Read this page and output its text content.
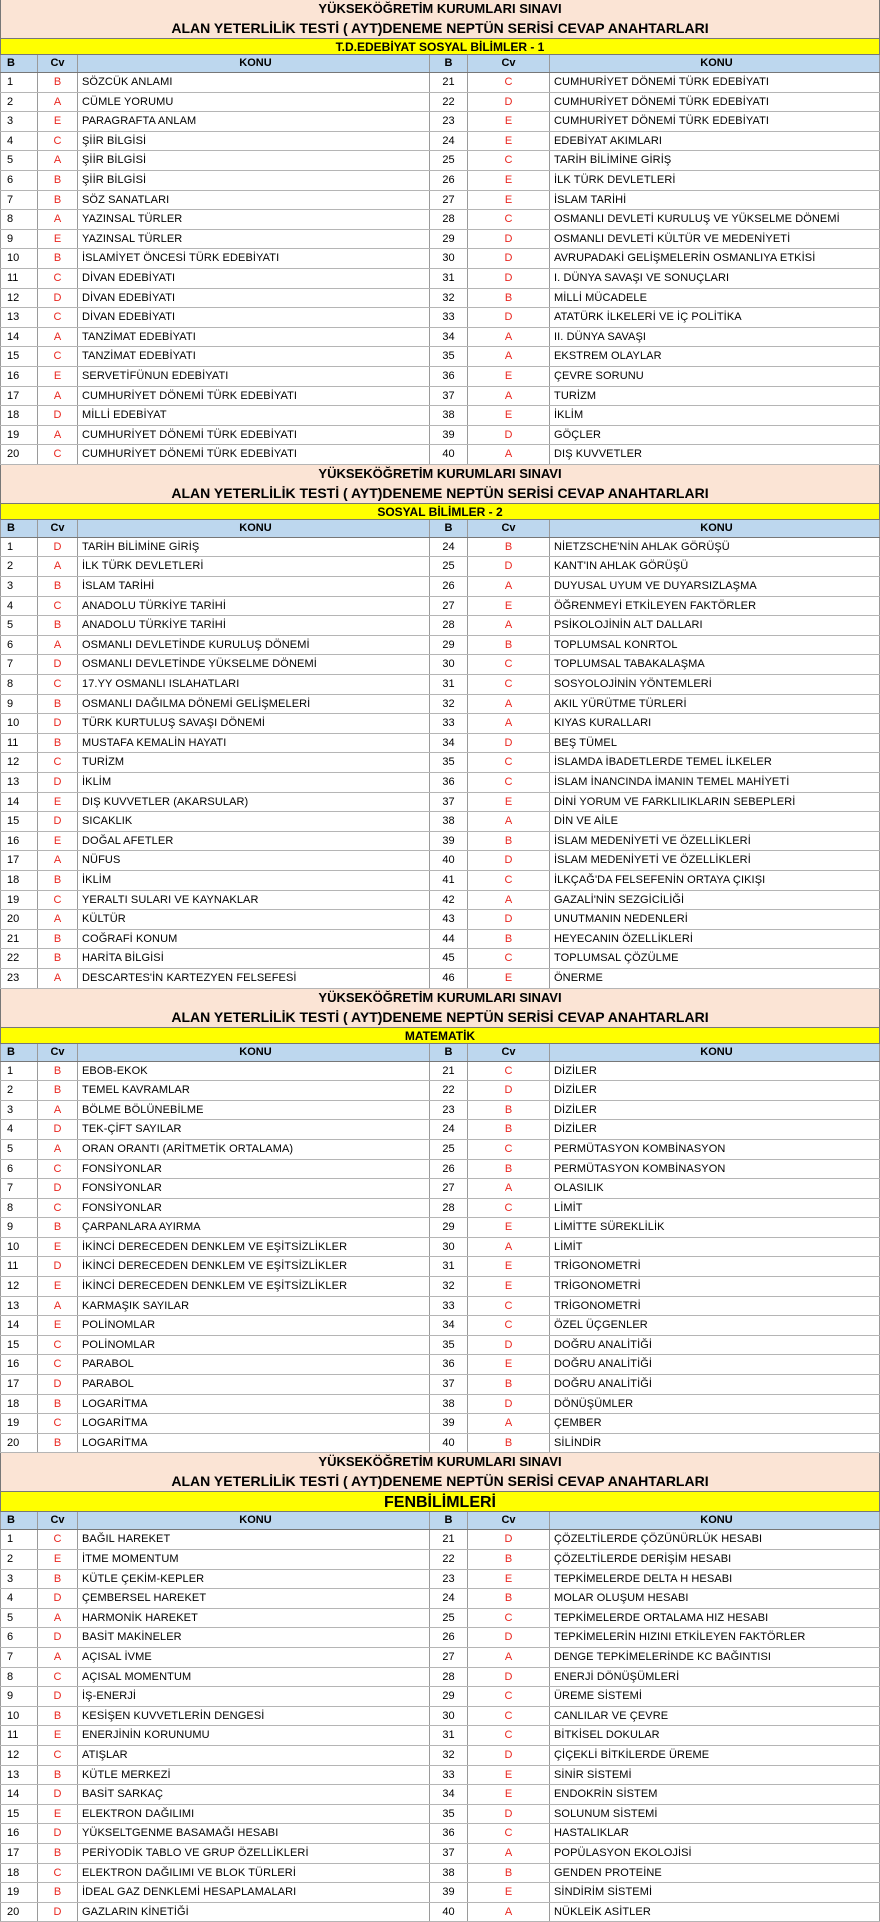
YÜKSEKÖĞRETİM KURUMLARI SINAVI
ALAN YETERLİLİK TESTİ ( AYT)DENEME NEPTÜN SERİSİ CEVAP ANAHTARLARI
T.D.EDEBİYAT SOSYAL BİLİMLER - 1
B	Cv	KONU	B	Cv	KONU
1	B	SÖZCÜK ANLAMI	21	C	CUMHURİYET DÖNEMİ TÜRK EDEBİYATI
2	A	CÜMLE YORUMU	22	D	CUMHURİYET DÖNEMİ TÜRK EDEBİYATI
3	E	PARAGRAFTA ANLAM	23	E	CUMHURİYET DÖNEMİ TÜRK EDEBİYATI
4	C	ŞİİR BİLGİSİ	24	E	EDEBİYAT AKIMLARI
5	A	ŞİİR BİLGİSİ	25	C	TARİH BİLİMİNE GİRİŞ
6	B	ŞİİR BİLGİSİ	26	E	İLK TÜRK DEVLETLERİ
7	B	SÖZ SANATLARI	27	E	İSLAM TARİHİ
8	A	YAZINSAL TÜRLER	28	C	OSMANLI DEVLETİ KURULUŞ VE YÜKSELME DÖNEMİ
9	E	YAZINSAL TÜRLER	29	D	OSMANLI DEVLETİ KÜLTÜR VE MEDENİYETİ
10	B	İSLAMİYET ÖNCESİ TÜRK EDEBİYATI	30	D	AVRUPADAKİ GELİŞMELERİN OSMANLIYA ETKİSİ
11	C	DİVAN EDEBİYATI	31	D	I. DÜNYA SAVAŞI VE SONUÇLARI
12	D	DİVAN EDEBİYATI	32	B	MİLLİ MÜCADELE
13	C	DİVAN EDEBİYATI	33	D	ATATÜRK İLKELERİ VE İÇ POLİTİKA
14	A	TANZİMAT EDEBİYATI	34	A	II. DÜNYA SAVAŞI
15	C	TANZİMAT EDEBİYATI	35	A	EKSTREM OLAYLAR
16	E	SERVETİFÜNUN EDEBİYATI	36	E	ÇEVRE SORUNU
17	A	CUMHURİYET DÖNEMİ TÜRK EDEBİYATI	37	A	TURİZM
18	D	MİLLİ EDEBİYAT	38	E	İKLİM
19	A	CUMHURİYET DÖNEMİ TÜRK EDEBİYATI	39	D	GÖÇLER
20	C	CUMHURİYET DÖNEMİ TÜRK EDEBİYATI	40	A	DIŞ KUVVETLER
YÜKSEKÖĞRETİM KURUMLARI SINAVI
ALAN YETERLİLİK TESTİ ( AYT)DENEME NEPTÜN SERİSİ CEVAP ANAHTARLARI
SOSYAL BİLİMLER - 2
B	Cv	KONU	B	Cv	KONU
1	D	TARİH BİLİMİNE GİRİŞ	24	B	NİETZSCHE'NİN AHLAK GÖRÜŞÜ
2	A	İLK TÜRK DEVLETLERİ	25	D	KANT'IN AHLAK GÖRÜŞÜ
3	B	İSLAM TARİHİ	26	A	DUYUSAL UYUM VE DUYARSIZLAŞMA
4	C	ANADOLU TÜRKİYE TARİHİ	27	E	ÖĞRENMEYİ ETKİLEYEN FAKTÖRLER
5	B	ANADOLU TÜRKİYE TARİHİ	28	A	PSİKOLOJİNİN ALT DALLARI
6	A	OSMANLI DEVLETİNDE KURULUŞ DÖNEMİ	29	B	TOPLUMSAL KONRTOL
7	D	OSMANLI DEVLETİNDE YÜKSELME DÖNEMİ	30	C	TOPLUMSAL TABAKALAŞMA
8	C	17.YY OSMANLI ISLAHATLARI	31	C	SOSYOLOJİNİN YÖNTEMLERİ
9	B	OSMANLI DAĞILMA DÖNEMİ GELİŞMELERİ	32	A	AKIL YÜRÜTME TÜRLERİ
10	D	TÜRK KURTULUŞ SAVAŞI DÖNEMİ	33	A	KIYAS KURALLARI
11	B	MUSTAFA KEMALİN HAYATI	34	D	BEŞ TÜMEL
12	C	TURİZM	35	C	İSLAMDA İBADETLERDE TEMEL İLKELER
13	D	İKLİM	36	C	İSLAM İNANCINDA İMANIN TEMEL MAHİYETİ
14	E	DIŞ KUVVETLER (AKARSULAR)	37	E	DİNİ YORUM VE FARKLILIKLARIN SEBEPLERİ
15	D	SICAKLIK	38	A	DİN VE AİLE
16	E	DOĞAL AFETLER	39	B	İSLAM MEDENİYETİ VE ÖZELLİKLERİ
17	A	NÜFUS	40	D	İSLAM MEDENİYETİ VE ÖZELLİKLERİ
18	B	İKLİM	41	C	İLKÇAĞ'DA FELSEFENİN ORTAYA ÇIKIŞI
19	C	YERALTI SULARI VE KAYNAKLAR	42	A	GAZALİ'NİN SEZGİCİLİĞİ
20	A	KÜLTÜR	43	D	UNUTMANIN NEDENLERİ
21	B	COĞRAFİ KONUM	44	B	HEYECANIN ÖZELLİKLERİ
22	B	HARİTA BİLGİSİ	45	C	TOPLUMSAL ÇÖZÜLME
23	A	DESCARTES'İN KARTEZYEN FELSEFESİ	46	E	ÖNERME
YÜKSEKÖĞRETİM KURUMLARI SINAVI
ALAN YETERLİLİK TESTİ ( AYT)DENEME NEPTÜN SERİSİ CEVAP ANAHTARLARI
MATEMATİK
B	Cv	KONU	B	Cv	KONU
1	B	EBOB-EKOK	21	C	DİZİLER
2	B	TEMEL KAVRAMLAR	22	D	DİZİLER
3	A	BÖLME BÖLÜNEBİLME	23	B	DİZİLER
4	D	TEK-ÇİFT SAYILAR	24	B	DİZİLER
5	A	ORAN ORANTI (ARİTMETİK ORTALAMA)	25	C	PERMÜTASYON KOMBİNASYON
6	C	FONSİYONLAR	26	B	PERMÜTASYON KOMBİNASYON
7	D	FONSİYONLAR	27	A	OLASILIK
8	C	FONSİYONLAR	28	C	LİMİT
9	B	ÇARPANLARA AYIRMA	29	E	LİMİTTE SÜREKLİLİK
10	E	İKİNCİ DERECEDEN DENKLEM VE EŞİTSİZLİKLER	30	A	LİMİT
11	D	İKİNCİ DERECEDEN DENKLEM VE EŞİTSİZLİKLER	31	E	TRİGONOMETRİ
12	E	İKİNCİ DERECEDEN DENKLEM VE EŞİTSİZLİKLER	32	E	TRİGONOMETRİ
13	A	KARMAŞIK SAYILAR	33	C	TRİGONOMETRİ
14	E	POLİNOMLAR	34	C	ÖZEL ÜÇGENLER
15	C	POLİNOMLAR	35	D	DOĞRU ANALİTİĞİ
16	C	PARABOL	36	E	DOĞRU ANALİTİĞİ
17	D	PARABOL	37	B	DOĞRU ANALİTİĞİ
18	B	LOGARİTMA	38	D	DÖNÜŞÜMLER
19	C	LOGARİTMA	39	A	ÇEMBER
20	B	LOGARİTMA	40	B	SİLİNDİR
YÜKSEKÖĞRETİM KURUMLARI SINAVI
ALAN YETERLİLİK TESTİ ( AYT)DENEME NEPTÜN SERİSİ CEVAP ANAHTARLARI
FENBİLİMLERİ
B	Cv	KONU	B	Cv	KONU
1	C	BAĞIL HAREKET	21	D	ÇÖZELTİLERDE ÇÖZÜNÜRLÜK HESABI
2	E	İTME MOMENTUM	22	B	ÇÖZELTİLERDE DERİŞİM HESABI
3	B	KÜTLE ÇEKİM-KEPLER	23	E	TEPKİMELERDE DELTA H HESABI
4	D	ÇEMBERSEL HAREKET	24	B	MOLAR OLUŞUM HESABI
5	A	HARMONİK HAREKET	25	C	TEPKİMELERDE ORTALAMA HIZ HESABI
6	D	BASİT MAKİNELER	26	D	TEPKİMELERİN HIZINI ETKİLEYEN FAKTÖRLER
7	A	AÇISAL İVME	27	A	DENGE TEPKİMELERİNDE KC BAĞINTISI
8	C	AÇISAL MOMENTUM	28	D	ENERJİ DÖNÜŞÜMLERİ
9	D	İŞ-ENERJİ	29	C	ÜREME SİSTEMİ
10	B	KESİŞEN KUVVETLERİN DENGESİ	30	C	CANLILAR VE ÇEVRE
11	E	ENERJİNİN KORUNUMU	31	C	BİTKİSEL DOKULAR
12	C	ATIŞLAR	32	D	ÇİÇEKLİ BİTKİLERDE ÜREME
13	B	KÜTLE MERKEZİ	33	E	SİNİR SİSTEMİ
14	D	BASİT SARKAÇ	34	E	ENDOKRİN SİSTEM
15	E	ELEKTRON DAĞILIMI	35	D	SOLUNUM SİSTEMİ
16	D	YÜKSELTGENME BASAMAĞI HESABI	36	C	HASTALIKLAR
17	B	PERİYODİK TABLO VE GRUP ÖZELLİKLERİ	37	A	POPÜLASYON EKOLOJİSİ
18	C	ELEKTRON DAĞILIMI VE BLOK TÜRLERİ	38	B	GENDEN PROTEİNE
19	B	İDEAL GAZ DENKLEMİ HESAPLAMALARI	39	E	SİNDİRİM SİSTEMİ
20	D	GAZLARIN KİNETİĞİ	40	A	NÜKLEİK ASİTLER
